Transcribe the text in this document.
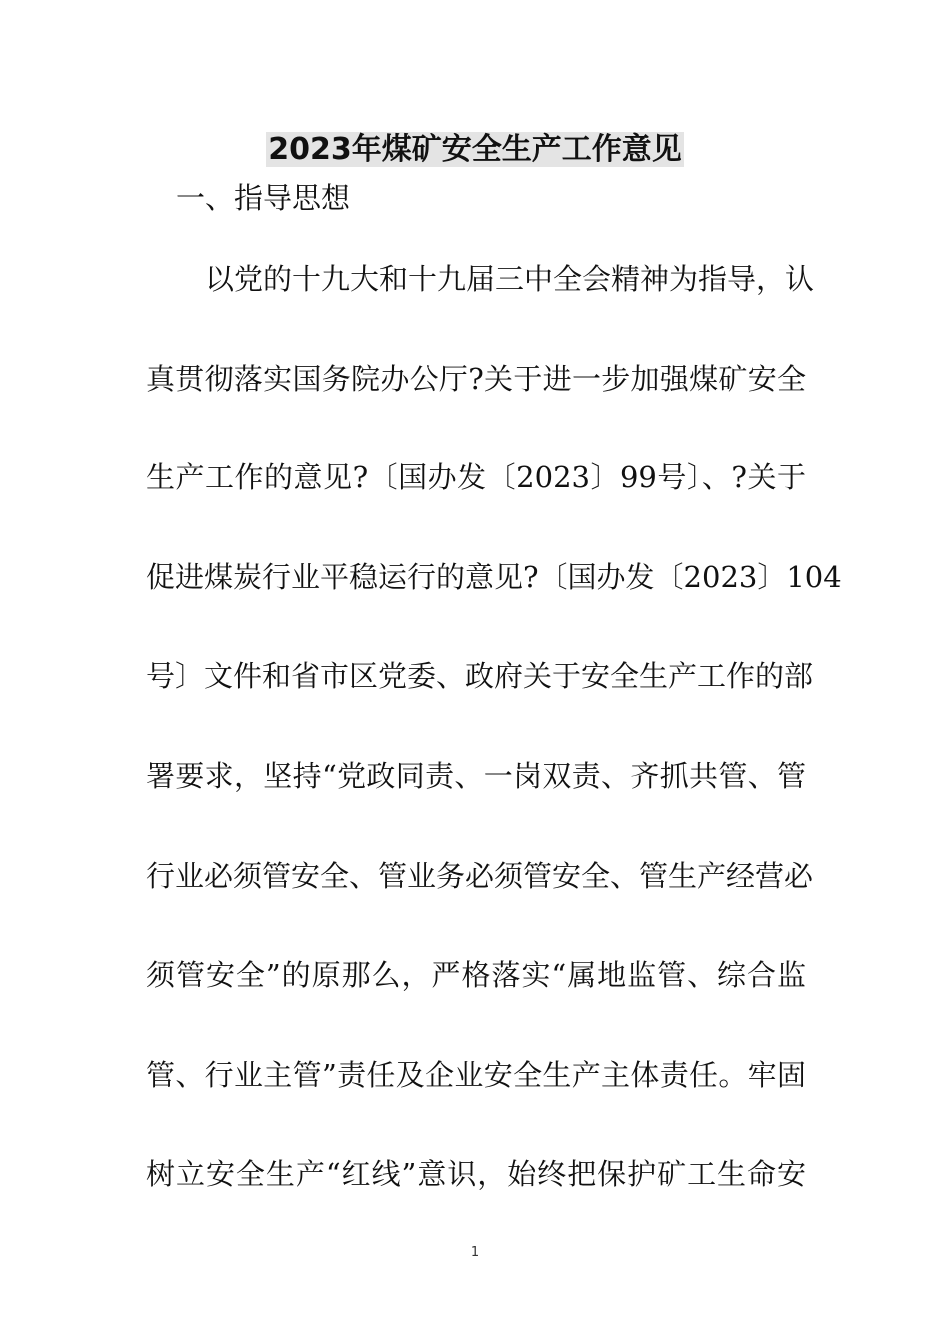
2023年煤矿安全生产工作意见
一、指导思想
以党的十九大和十九届三中全会精神为指导，认
真贯彻落实国务院办公厅?关于进一步加强煤矿安全
生产工作的意见?〔国办发〔2023〕99号〕、?关于
促进煤炭行业平稳运行的意见?〔国办发〔2023〕104
号〕文件和省市区党委、政府关于安全生产工作的部
署要求，坚持“党政同责、一岗双责、齐抓共管、管
行业必须管安全、管业务必须管安全、管生产经营必
须管安全”的原那么，严格落实“属地监管、综合监
管、行业主管”责任及企业安全生产主体责任。牢固
树立安全生产“红线”意识，始终把保护矿工生命安
1
